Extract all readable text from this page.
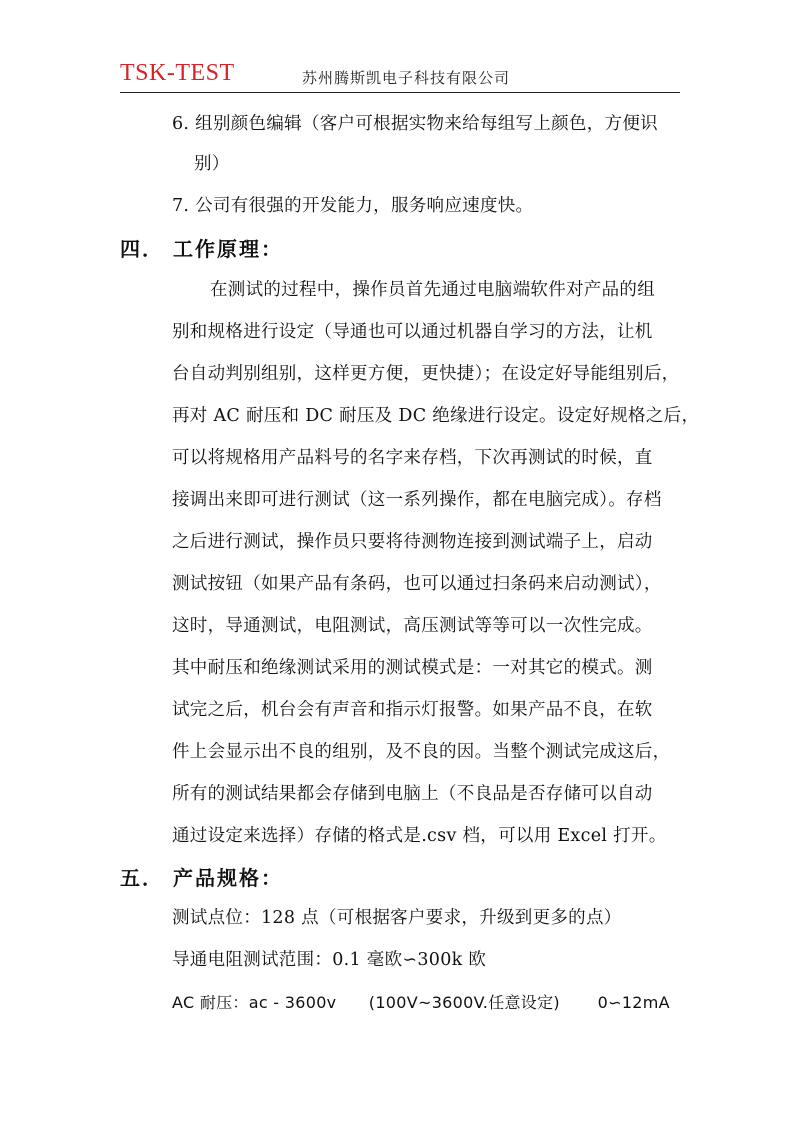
TSK-TEST	苏州腾斯凯电子科技有限公司
6. 组别颜色编辑（客户可根据实物来给每组写上颜色，方便识
别）
7. 公司有很强的开发能力，服务响应速度快。
四． 工作原理：
在测试的过程中，操作员首先通过电脑端软件对产品的组
别和规格进行设定（导通也可以通过机器自学习的方法，让机
台自动判别组别，这样更方便，更快捷）；在设定好导能组别后，
再对 AC 耐压和 DC 耐压及 DC 绝缘进行设定。设定好规格之后，
可以将规格用产品料号的名字来存档，下次再测试的时候，直
接调出来即可进行测试（这一系列操作，都在电脑完成）。存档
之后进行测试，操作员只要将待测物连接到测试端子上，启动
测试按钮（如果产品有条码，也可以通过扫条码来启动测试），
这时，导通测试，电阻测试，高压测试等等可以一次性完成。
其中耐压和绝缘测试采用的测试模式是：一对其它的模式。测
试完之后，机台会有声音和指示灯报警。如果产品不良，在软
件上会显示出不良的组别，及不良的因。当整个测试完成这后，
所有的测试结果都会存储到电脑上（不良品是否存储可以自动
通过设定来选择）存储的格式是.csv 档，可以用 Excel 打开。
五． 产品规格：
测试点位：128 点（可根据客户要求，升级到更多的点）
导通电阻测试范围：0.1 毫欧∽300k 欧
AC 耐压：ac - 3600v      (100V~3600V.任意设定)       0∽12mA
